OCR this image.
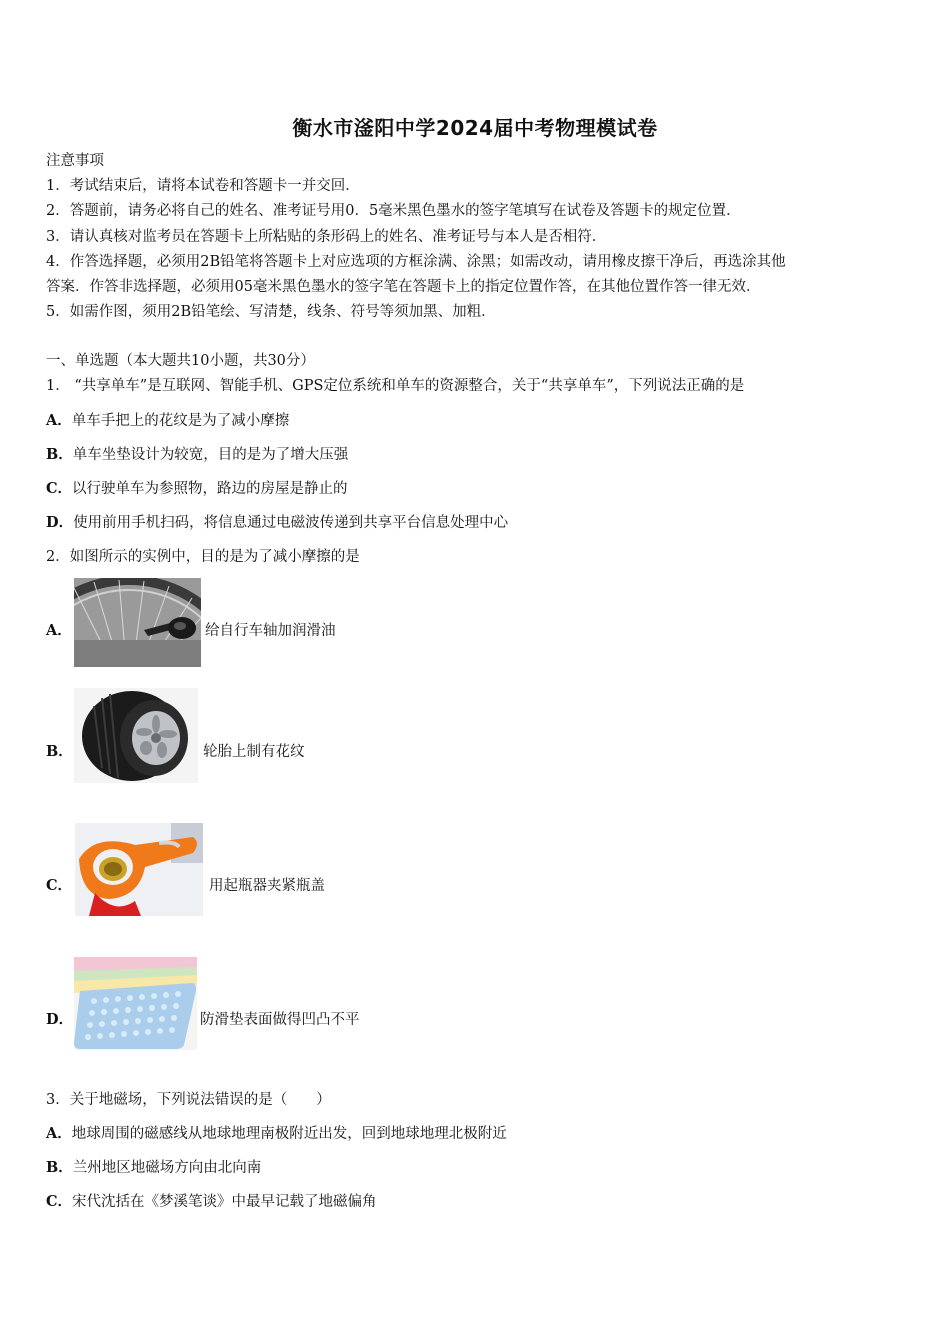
衡水市滏阳中学2024届中考物理模试卷
注意事项
1．考试结束后，请将本试卷和答题卡一并交回．
2．答题前，请务必将自己的姓名、准考证号用0．5毫米黑色墨水的签字笔填写在试卷及答题卡的规定位置．
3．请认真核对监考员在答题卡上所粘贴的条形码上的姓名、准考证号与本人是否相符．
4．作答选择题，必须用2B铅笔将答题卡上对应选项的方框涂满、涂黑；如需改动，请用橡皮擦干净后，再选涂其他
答案．作答非选择题，必须用05毫米黑色墨水的签字笔在答题卡上的指定位置作答，在其他位置作答一律无效．
5．如需作图，须用2B铅笔绘、写清楚，线条、符号等须加黑、加粗．
一、单选题（本大题共10小题，共30分）
1． “共享单车”是互联网、智能手机、GPS定位系统和单车的资源整合，关于“共享单车”，下列说法正确的是
A．单车手把上的花纹是为了减小摩擦
B．单车坐垫设计为较宽，目的是为了增大压强
C．以行驶单车为参照物，路边的房屋是静止的
D．使用前用手机扫码，将信息通过电磁波传递到共享平台信息处理中心
2．如图所示的实例中，目的是为了减小摩擦的是
A．	给自行车轴加润滑油
B．	轮胎上制有花纹
C．	用起瓶器夹紧瓶盖
D．	防滑垫表面做得凹凸不平
3．关于地磁场，下列说法错误的是（　　）
A．地球周围的磁感线从地球地理南极附近出发，回到地球地理北极附近
B．兰州地区地磁场方向由北向南
C．宋代沈括在《梦溪笔谈》中最早记载了地磁偏角
